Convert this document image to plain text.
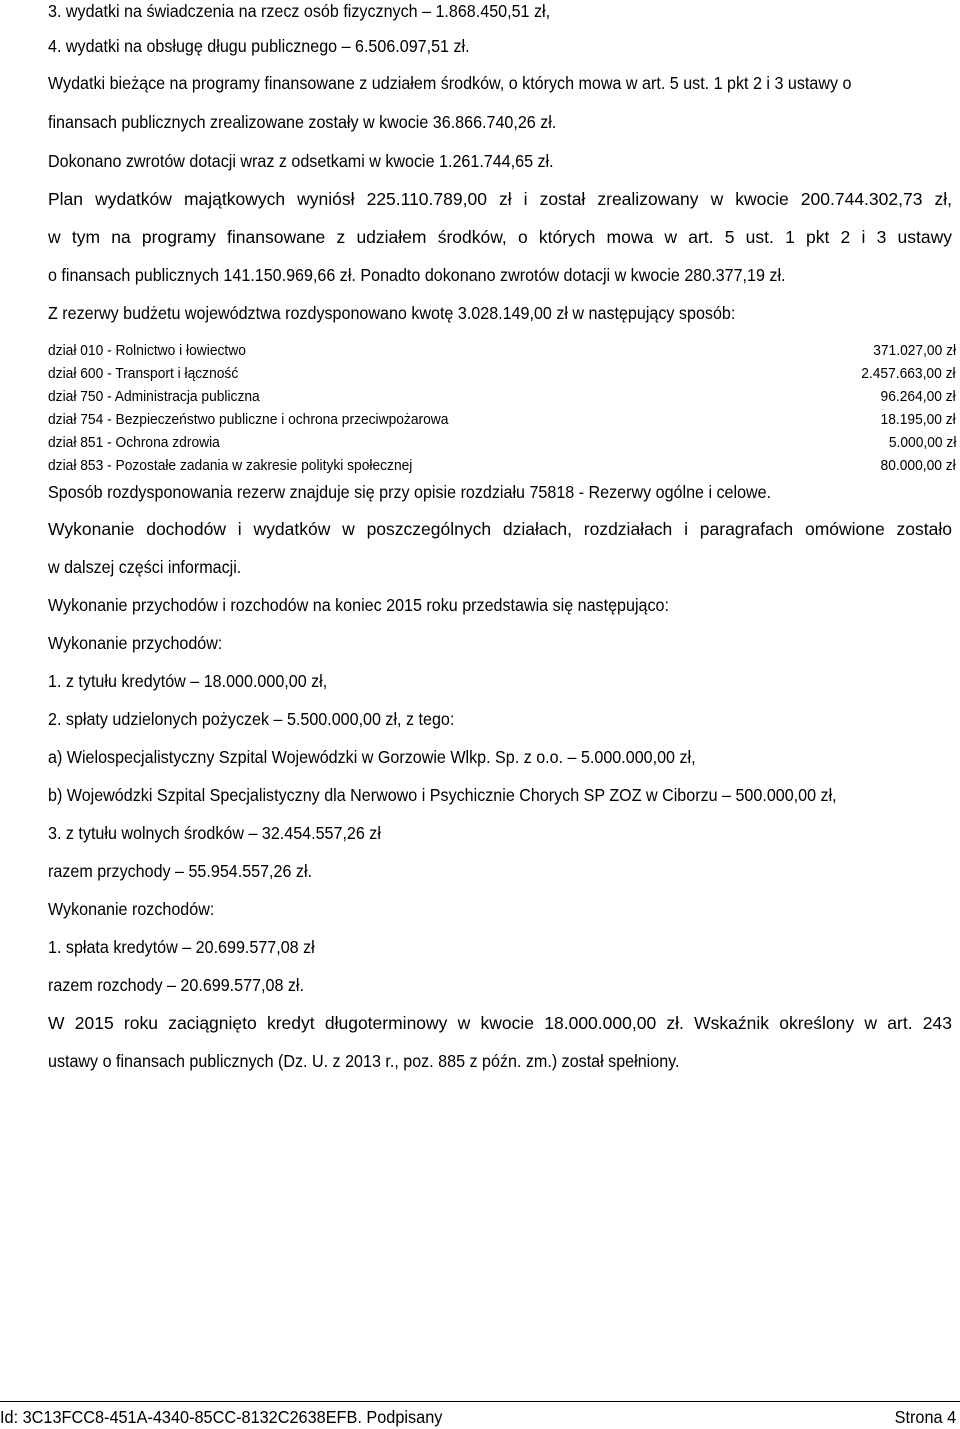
3. wydatki na świadczenia na rzecz osób fizycznych – 1.868.450,51 zł,
4. wydatki na obsługę długu publicznego – 6.506.097,51 zł.
Wydatki bieżące na programy finansowane z udziałem środków, o których mowa w art. 5 ust. 1 pkt 2 i 3 ustawy o
finansach publicznych zrealizowane zostały w kwocie 36.866.740,26 zł.
Dokonano zwrotów dotacji wraz z odsetkami w kwocie 1.261.744,65 zł.
Plan wydatków majątkowych wyniósł 225.110.789,00 zł i został zrealizowany w kwocie 200.744.302,73 zł,
w tym na programy finansowane z udziałem środków, o których mowa w art. 5 ust. 1 pkt 2 i 3 ustawy
o finansach publicznych 141.150.969,66 zł. Ponadto dokonano zwrotów dotacji w kwocie 280.377,19 zł.
Z rezerwy budżetu województwa rozdysponowano kwotę 3.028.149,00 zł w następujący sposób:
dział 010 - Rolnictwo i łowiectwo	371.027,00 zł
dział 600 - Transport i łączność	2.457.663,00 zł
dział 750 - Administracja publiczna	96.264,00 zł
dział 754 - Bezpieczeństwo publiczne i ochrona przeciwpożarowa	18.195,00 zł
dział 851 - Ochrona zdrowia	5.000,00 zł
dział 853 - Pozostałe zadania w zakresie polityki społecznej	80.000,00 zł
Sposób rozdysponowania rezerw znajduje się przy opisie rozdziału 75818 - Rezerwy ogólne i celowe.
Wykonanie dochodów i wydatków w poszczególnych działach, rozdziałach i paragrafach omówione zostało
w dalszej części informacji.
Wykonanie przychodów i rozchodów na koniec 2015 roku przedstawia się następująco:
Wykonanie przychodów:
1. z tytułu kredytów – 18.000.000,00 zł,
2. spłaty udzielonych pożyczek – 5.500.000,00 zł, z tego:
a) Wielospecjalistyczny Szpital Wojewódzki w Gorzowie Wlkp. Sp. z o.o. – 5.000.000,00 zł,
b) Wojewódzki Szpital Specjalistyczny dla Nerwowo i Psychicznie Chorych SP ZOZ w Ciborzu – 500.000,00 zł,
3. z tytułu wolnych środków – 32.454.557,26 zł
razem przychody – 55.954.557,26 zł.
Wykonanie rozchodów:
1. spłata kredytów – 20.699.577,08 zł
razem rozchody – 20.699.577,08 zł.
W 2015 roku zaciągnięto kredyt długoterminowy w kwocie 18.000.000,00 zł. Wskaźnik określony w art. 243
ustawy o finansach publicznych (Dz. U. z 2013 r., poz. 885 z późn. zm.) został spełniony.
Id: 3C13FCC8-451A-4340-85CC-8132C2638EFB. Podpisany	Strona 4
